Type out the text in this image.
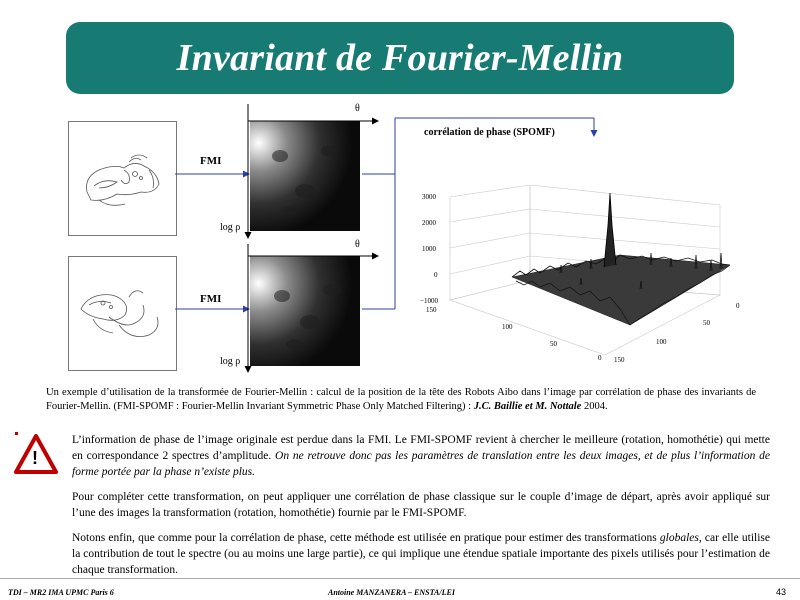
Invariant de Fourier-Mellin
FMI
FMI
θ
θ
log ρ
log ρ
corrélation de phase (SPOMF)
3000
2000
1000
0
−1000
150
100
50
0
0
50
100
150
Un exemple d’utilisation de la transformée de Fourier-Mellin : calcul de la position de la tête des Robots Aibo dans l’image par corrélation de phase des invariants de Fourier-Mellin. (FMI-SPOMF : Fourier-Mellin Invariant Symmetric Phase Only Matched Filtering) : J.C. Baillie et M. Nottale 2004.
!

L’information de phase de l’image originale est perdue dans la FMI. Le FMI-SPOMF revient à chercher le meilleure (rotation, homothétie) qui mette en correspondance 2 spectres d’amplitude. On ne retrouve donc pas les paramètres de translation entre les deux images, et de plus l’information de forme portée par la phase n’existe plus.

Pour compléter cette transformation, on peut appliquer une corrélation de phase classique sur le couple d’image de départ, après avoir appliqué sur l’une des images la transformation (rotation, homothétie) fournie par le FMI-SPOMF.

Notons enfin, que comme pour la corrélation de phase, cette méthode est utilisée en pratique pour estimer des transformations globales, car elle utilise la contribution de tout le spectre (ou au moins une large partie), ce qui implique une étendue spatiale importante des pixels utilisés pour l’estimation de chaque transformation.

TDI – MR2 IMA UPMC Paris 6	Antoine MANZANERA – ENSTA/LEI	43
